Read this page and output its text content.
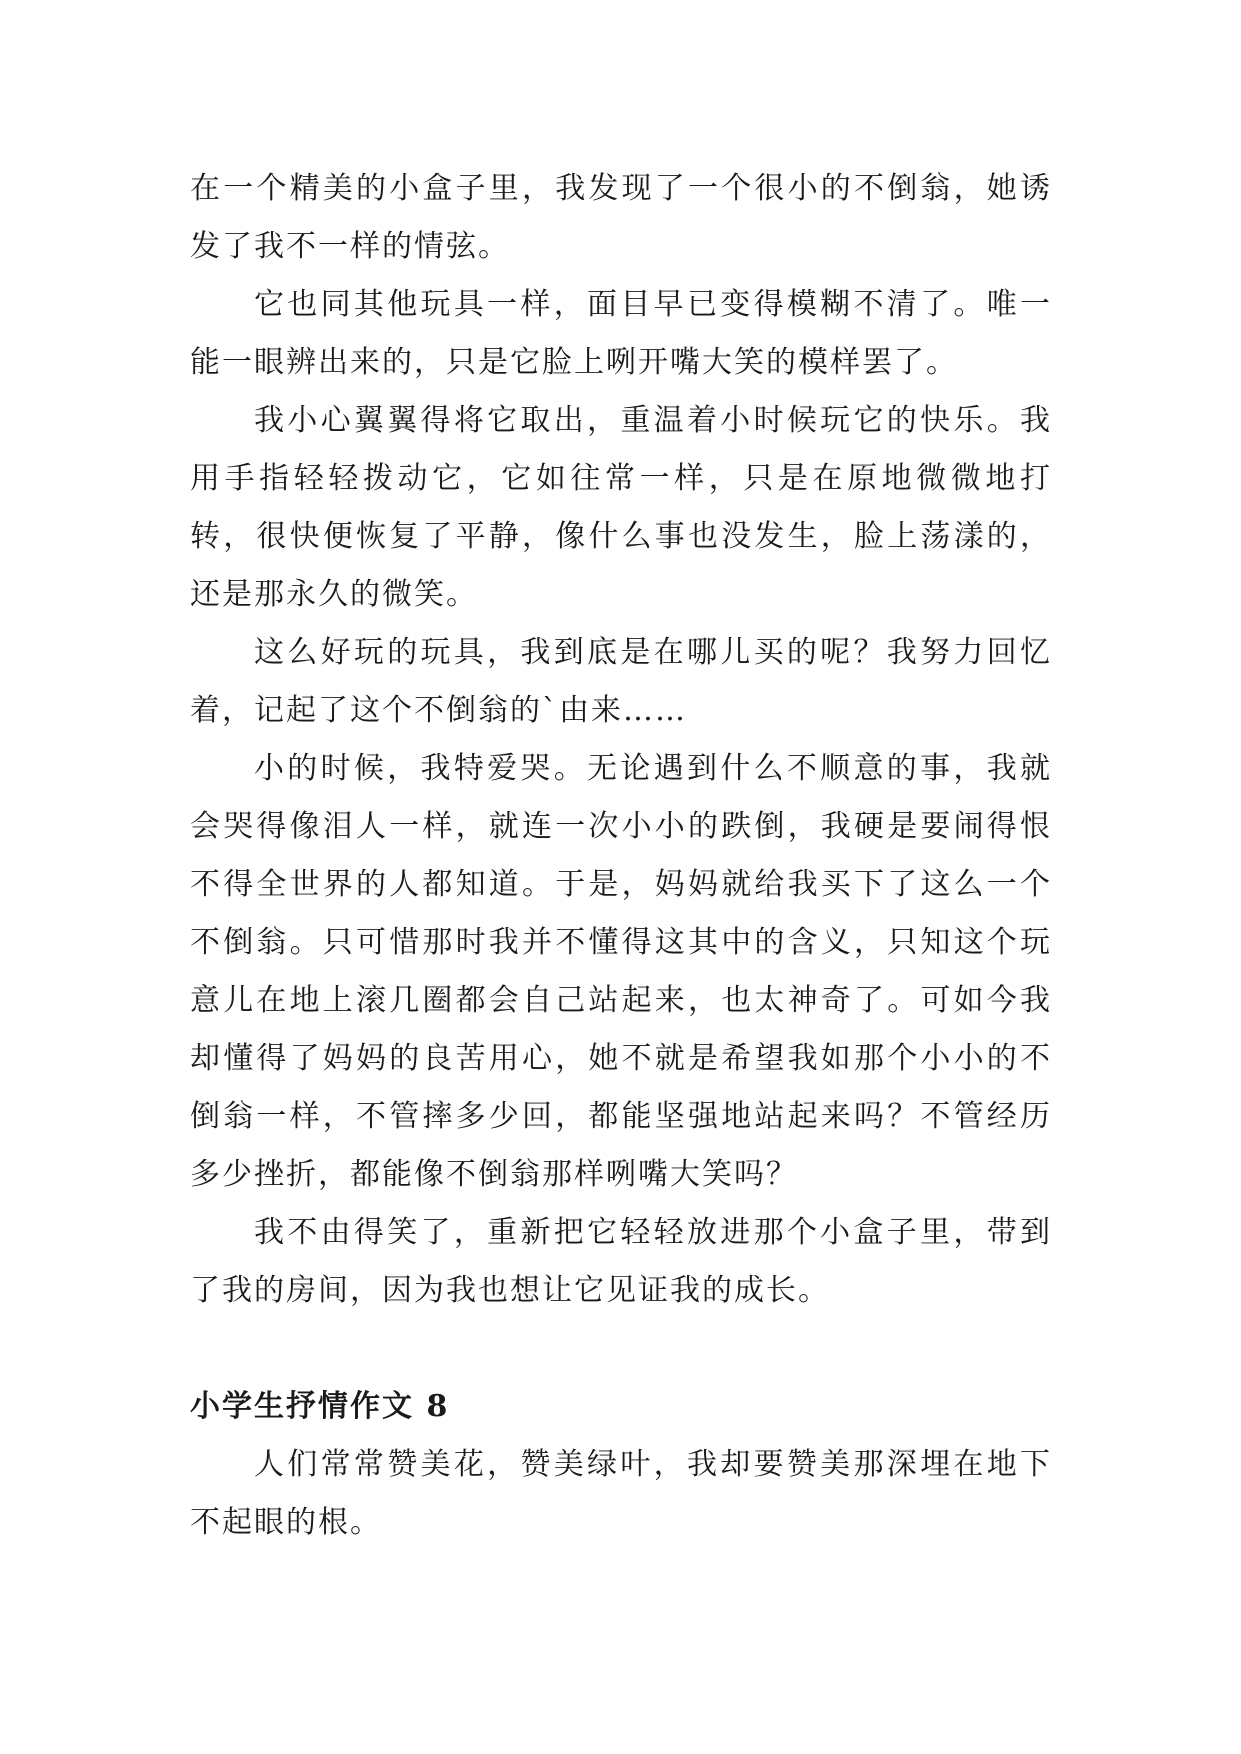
在一个精美的小盒子里，我发现了一个很小的不倒翁，她诱发了我不一样的情弦。

它也同其他玩具一样，面目早已变得模糊不清了。唯一能一眼辨出来的，只是它脸上咧开嘴大笑的模样罢了。

我小心翼翼得将它取出，重温着小时候玩它的快乐。我用手指轻轻拨动它，它如往常一样，只是在原地微微地打转，很快便恢复了平静，像什么事也没发生，脸上荡漾的，还是那永久的微笑。

这么好玩的玩具，我到底是在哪儿买的呢？我努力回忆着，记起了这个不倒翁的`由来……

小的时候，我特爱哭。无论遇到什么不顺意的事，我就会哭得像泪人一样，就连一次小小的跌倒，我硬是要闹得恨不得全世界的人都知道。于是，妈妈就给我买下了这么一个不倒翁。只可惜那时我并不懂得这其中的含义，只知这个玩意儿在地上滚几圈都会自己站起来，也太神奇了。可如今我却懂得了妈妈的良苦用心，她不就是希望我如那个小小的不倒翁一样，不管摔多少回，都能坚强地站起来吗？不管经历多少挫折，都能像不倒翁那样咧嘴大笑吗？

我不由得笑了，重新把它轻轻放进那个小盒子里，带到了我的房间，因为我也想让它见证我的成长。

小学生抒情作文 8

人们常常赞美花，赞美绿叶，我却要赞美那深埋在地下不起眼的根。
